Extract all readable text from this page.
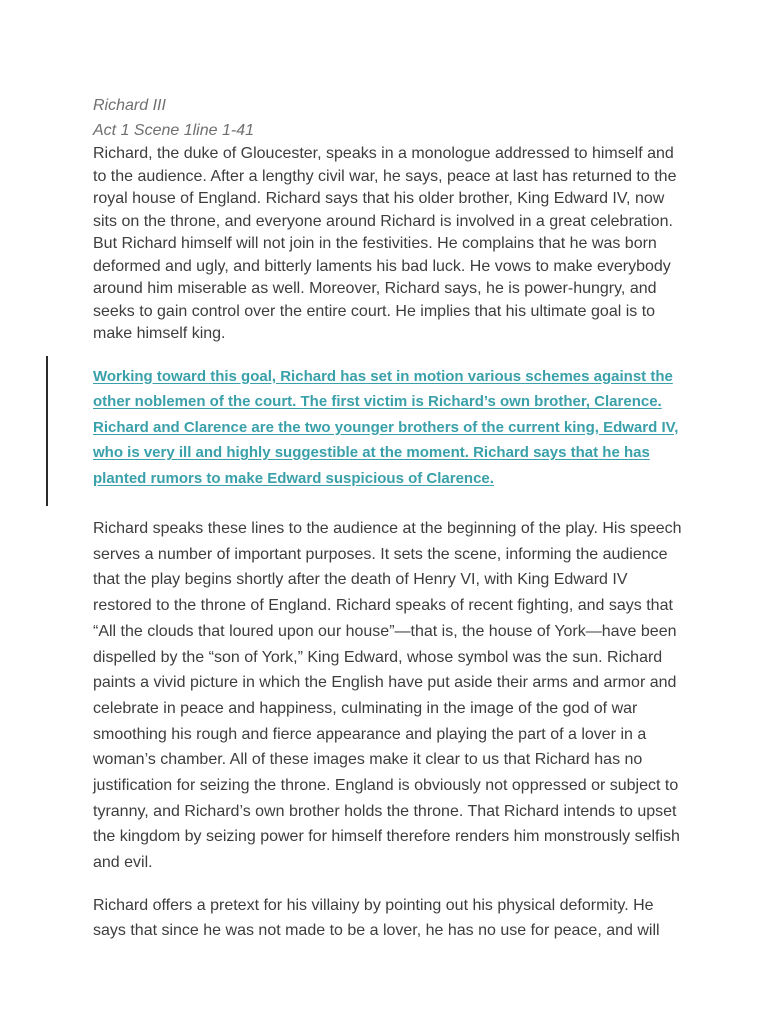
Richard III
Act 1 Scene 1line 1-41

Richard, the duke of Gloucester, speaks in a monologue addressed to himself and to the audience. After a lengthy civil war, he says, peace at last has returned to the royal house of England. Richard says that his older brother, King Edward IV, now sits on the throne, and everyone around Richard is involved in a great celebration. But Richard himself will not join in the festivities. He complains that he was born deformed and ugly, and bitterly laments his bad luck. He vows to make everybody around him miserable as well. Moreover, Richard says, he is power-hungry, and seeks to gain control over the entire court. He implies that his ultimate goal is to make himself king.

Working toward this goal, Richard has set in motion various schemes against the other noblemen of the court. The first victim is Richard’s own brother, Clarence. Richard and Clarence are the two younger brothers of the current king, Edward IV, who is very ill and highly suggestible at the moment. Richard says that he has planted rumors to make Edward suspicious of Clarence.

Richard speaks these lines to the audience at the beginning of the play. His speech serves a number of important purposes. It sets the scene, informing the audience that the play begins shortly after the death of Henry VI, with King Edward IV restored to the throne of England. Richard speaks of recent fighting, and says that “All the clouds that loured upon our house”—that is, the house of York—have been dispelled by the “son of York,” King Edward, whose symbol was the sun. Richard paints a vivid picture in which the English have put aside their arms and armor and celebrate in peace and happiness, culminating in the image of the god of war smoothing his rough and fierce appearance and playing the part of a lover in a woman’s chamber. All of these images make it clear to us that Richard has no justification for seizing the throne. England is obviously not oppressed or subject to tyranny, and Richard’s own brother holds the throne. That Richard intends to upset the kingdom by seizing power for himself therefore renders him monstrously selfish and evil.

Richard offers a pretext for his villainy by pointing out his physical deformity. He says that since he was not made to be a lover, he has no use for peace, and will
